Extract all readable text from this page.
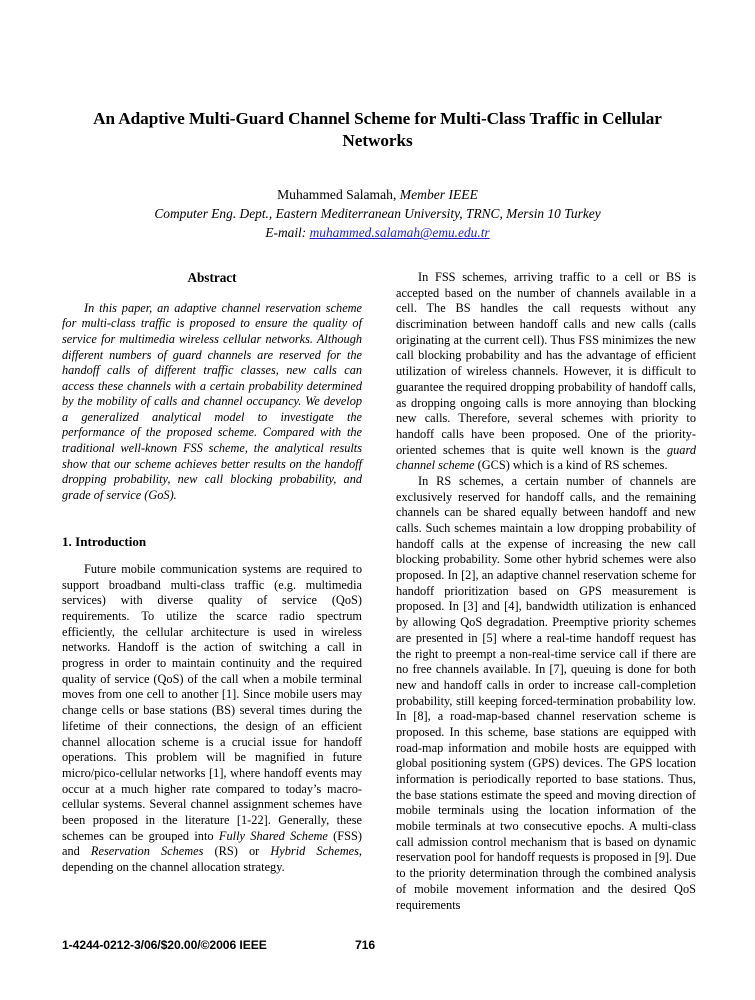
An Adaptive Multi-Guard Channel Scheme for Multi-Class Traffic in Cellular Networks
Muhammed Salamah, Member IEEE
Computer Eng. Dept., Eastern Mediterranean University, TRNC, Mersin 10 Turkey
E-mail: muhammed.salamah@emu.edu.tr
Abstract

In this paper, an adaptive channel reservation scheme for multi-class traffic is proposed to ensure the quality of service for multimedia wireless cellular networks. Although different numbers of guard channels are reserved for the handoff calls of different traffic classes, new calls can access these channels with a certain probability determined by the mobility of calls and channel occupancy. We develop a generalized analytical model to investigate the performance of the proposed scheme. Compared with the traditional well-known FSS scheme, the analytical results show that our scheme achieves better results on the handoff dropping probability, new call blocking probability, and grade of service (GoS).

1. Introduction

Future mobile communication systems are required to support broadband multi-class traffic (e.g. multimedia services) with diverse quality of service (QoS) requirements. To utilize the scarce radio spectrum efficiently, the cellular architecture is used in wireless networks. Handoff is the action of switching a call in progress in order to maintain continuity and the required quality of service (QoS) of the call when a mobile terminal moves from one cell to another [1]. Since mobile users may change cells or base stations (BS) several times during the lifetime of their connections, the design of an efficient channel allocation scheme is a crucial issue for handoff operations. This problem will be magnified in future micro/pico-cellular networks [1], where handoff events may occur at a much higher rate compared to today’s macro-cellular systems. Several channel assignment schemes have been proposed in the literature [1-22]. Generally, these schemes can be grouped into Fully Shared Scheme (FSS) and Reservation Schemes (RS) or Hybrid Schemes, depending on the channel allocation strategy.

In FSS schemes, arriving traffic to a cell or BS is accepted based on the number of channels available in a cell. The BS handles the call requests without any discrimination between handoff calls and new calls (calls originating at the current cell). Thus FSS minimizes the new call blocking probability and has the advantage of efficient utilization of wireless channels. However, it is difficult to guarantee the required dropping probability of handoff calls, as dropping ongoing calls is more annoying than blocking new calls. Therefore, several schemes with priority to handoff calls have been proposed. One of the priority-oriented schemes that is quite well known is the guard channel scheme (GCS) which is a kind of RS schemes.

In RS schemes, a certain number of channels are exclusively reserved for handoff calls, and the remaining channels can be shared equally between handoff and new calls. Such schemes maintain a low dropping probability of handoff calls at the expense of increasing the new call blocking probability. Some other hybrid schemes were also proposed. In [2], an adaptive channel reservation scheme for handoff prioritization based on GPS measurement is proposed. In [3] and [4], bandwidth utilization is enhanced by allowing QoS degradation. Preemptive priority schemes are presented in [5] where a real-time handoff request has the right to preempt a non-real-time service call if there are no free channels available. In [7], queuing is done for both new and handoff calls in order to increase call-completion probability, still keeping forced-termination probability low. In [8], a road-map-based channel reservation scheme is proposed. In this scheme, base stations are equipped with road-map information and mobile hosts are equipped with global positioning system (GPS) devices. The GPS location information is periodically reported to base stations. Thus, the base stations estimate the speed and moving direction of mobile terminals using the location information of the mobile terminals at two consecutive epochs. A multi-class call admission control mechanism that is based on dynamic reservation pool for handoff requests is proposed in [9]. Due to the priority determination through the combined analysis of mobile movement information and the desired QoS requirements

1-4244-0212-3/06/$20.00/©2006 IEEE	716
